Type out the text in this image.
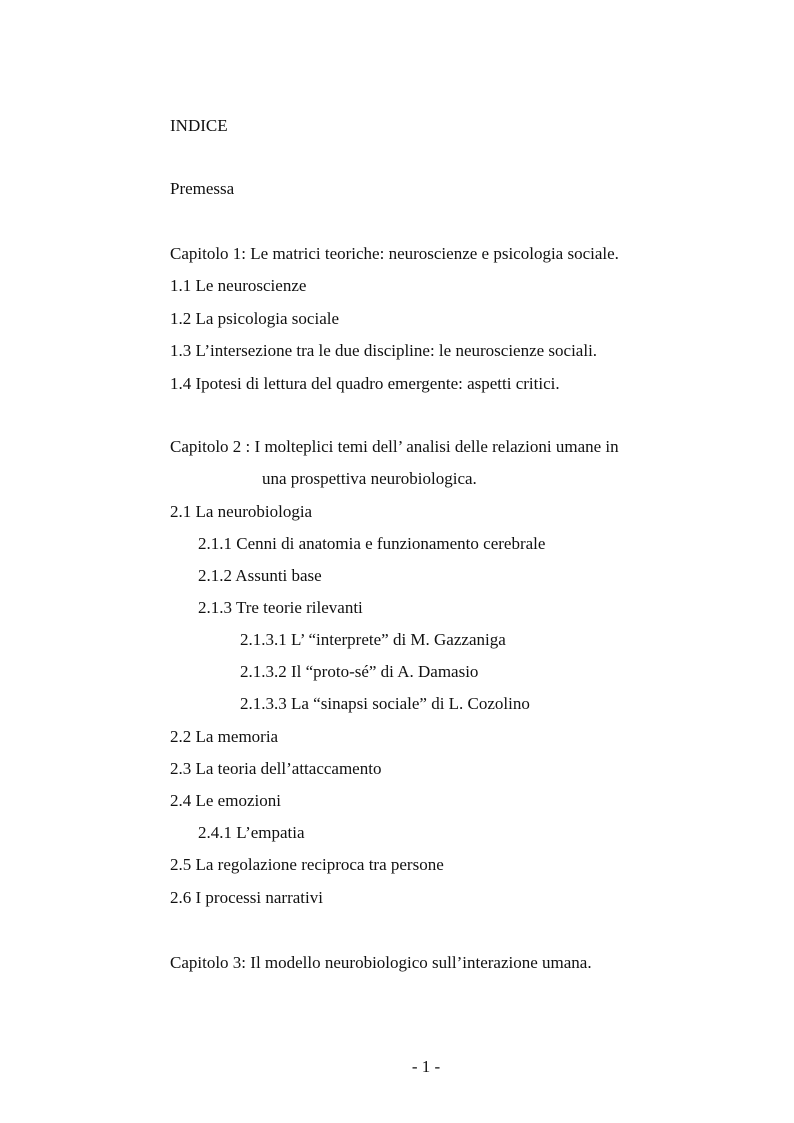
INDICE
Premessa
Capitolo 1: Le matrici teoriche: neuroscienze e psicologia sociale.
1.1 Le neuroscienze
1.2 La psicologia sociale
1.3 L’intersezione tra le due discipline: le neuroscienze sociali.
1.4 Ipotesi di lettura del quadro emergente: aspetti critici.
Capitolo 2 : I molteplici temi dell’ analisi delle relazioni umane in
una prospettiva neurobiologica.
2.1 La neurobiologia
2.1.1 Cenni di anatomia e funzionamento cerebrale
2.1.2 Assunti base
2.1.3 Tre teorie rilevanti
2.1.3.1 L’ “interprete” di M. Gazzaniga
2.1.3.2 Il “proto-sé” di A. Damasio
2.1.3.3 La “sinapsi sociale” di L. Cozolino
2.2 La memoria
2.3 La teoria dell’attaccamento
2.4 Le emozioni
2.4.1 L’empatia
2.5 La regolazione reciproca tra persone
2.6 I processi narrativi
Capitolo 3: Il modello neurobiologico sull’interazione umana.
- 1 -
